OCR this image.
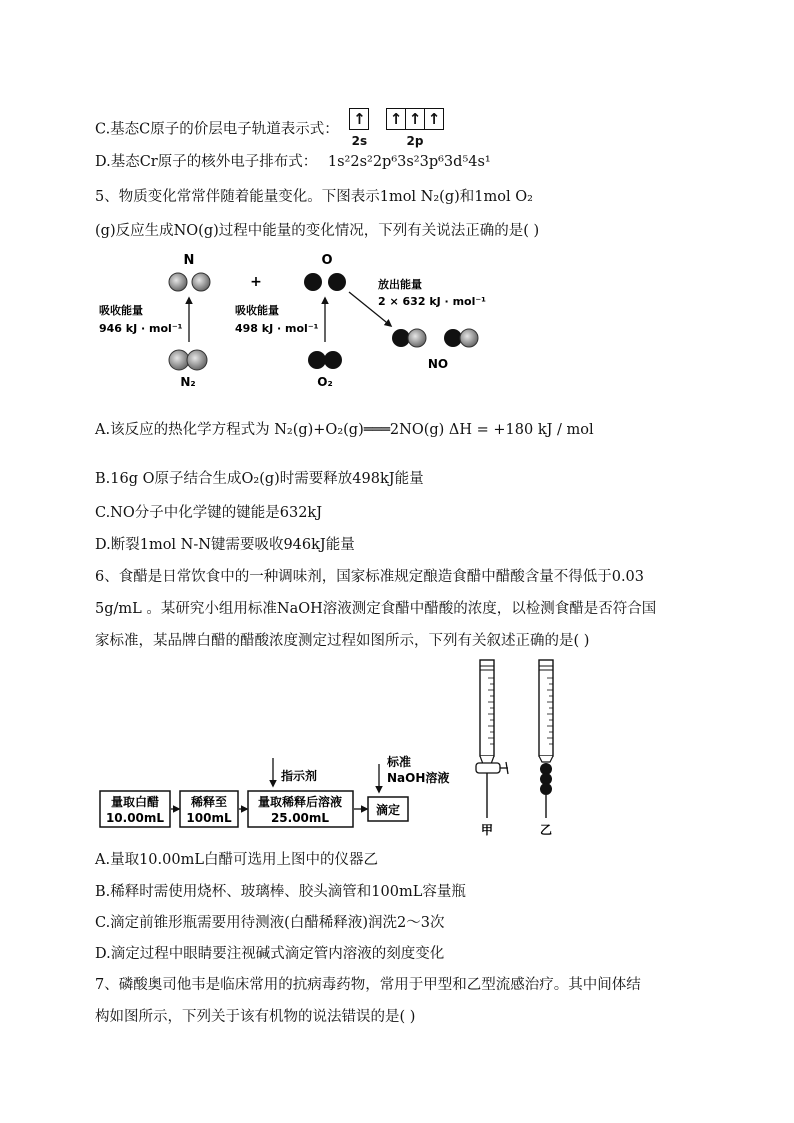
C.基态C原子的价层电子轨道表示式：
↑
2s

↑ ↑ ↑
2p
D.基态Cr原子的核外电子排布式： 1s²2s²2p⁶3s²3p⁶3d⁵4s¹
5、物质变化常常伴随着能量变化。下图表示1mol N₂(g)和1mol O₂
(g)反应生成NO(g)过程中能量的变化情况，下列有关说法正确的是( )
N
吸收能量
946 kJ · mol⁻¹
N₂
+
O
吸收能量
498 kJ · mol⁻¹
O₂
放出能量
2 × 632 kJ · mol⁻¹
NO
A.该反应的热化学方程式为 N₂(g)+O₂(g)═══2NO(g) ΔH = +180 kJ / mol
B.16g O原子结合生成O₂(g)时需要释放498kJ能量
C.NO分子中化学键的键能是632kJ
D.断裂1mol N-N键需要吸收946kJ能量
6、食醋是日常饮食中的一种调味剂，国家标准规定酿造食醋中醋酸含量不得低于0.03
5g/mL 。某研究小组用标准NaOH溶液测定食醋中醋酸的浓度，以检测食醋是否符合国
家标准，某品牌白醋的醋酸浓度测定过程如图所示，下列有关叙述正确的是( )
量取白醋
10.00mL
稀释至
100mL
量取稀释后溶液
25.00mL
滴定
指示剂
标准
NaOH溶液
甲	乙
A.量取10.00mL白醋可选用上图中的仪器乙
B.稀释时需使用烧杯、玻璃棒、胶头滴管和100mL容量瓶
C.滴定前锥形瓶需要用待测液(白醋稀释液)润洗2～3次
D.滴定过程中眼睛要注视碱式滴定管内溶液的刻度变化
7、磷酸奥司他韦是临床常用的抗病毒药物，常用于甲型和乙型流感治疗。其中间体结
构如图所示，下列关于该有机物的说法错误的是( )
